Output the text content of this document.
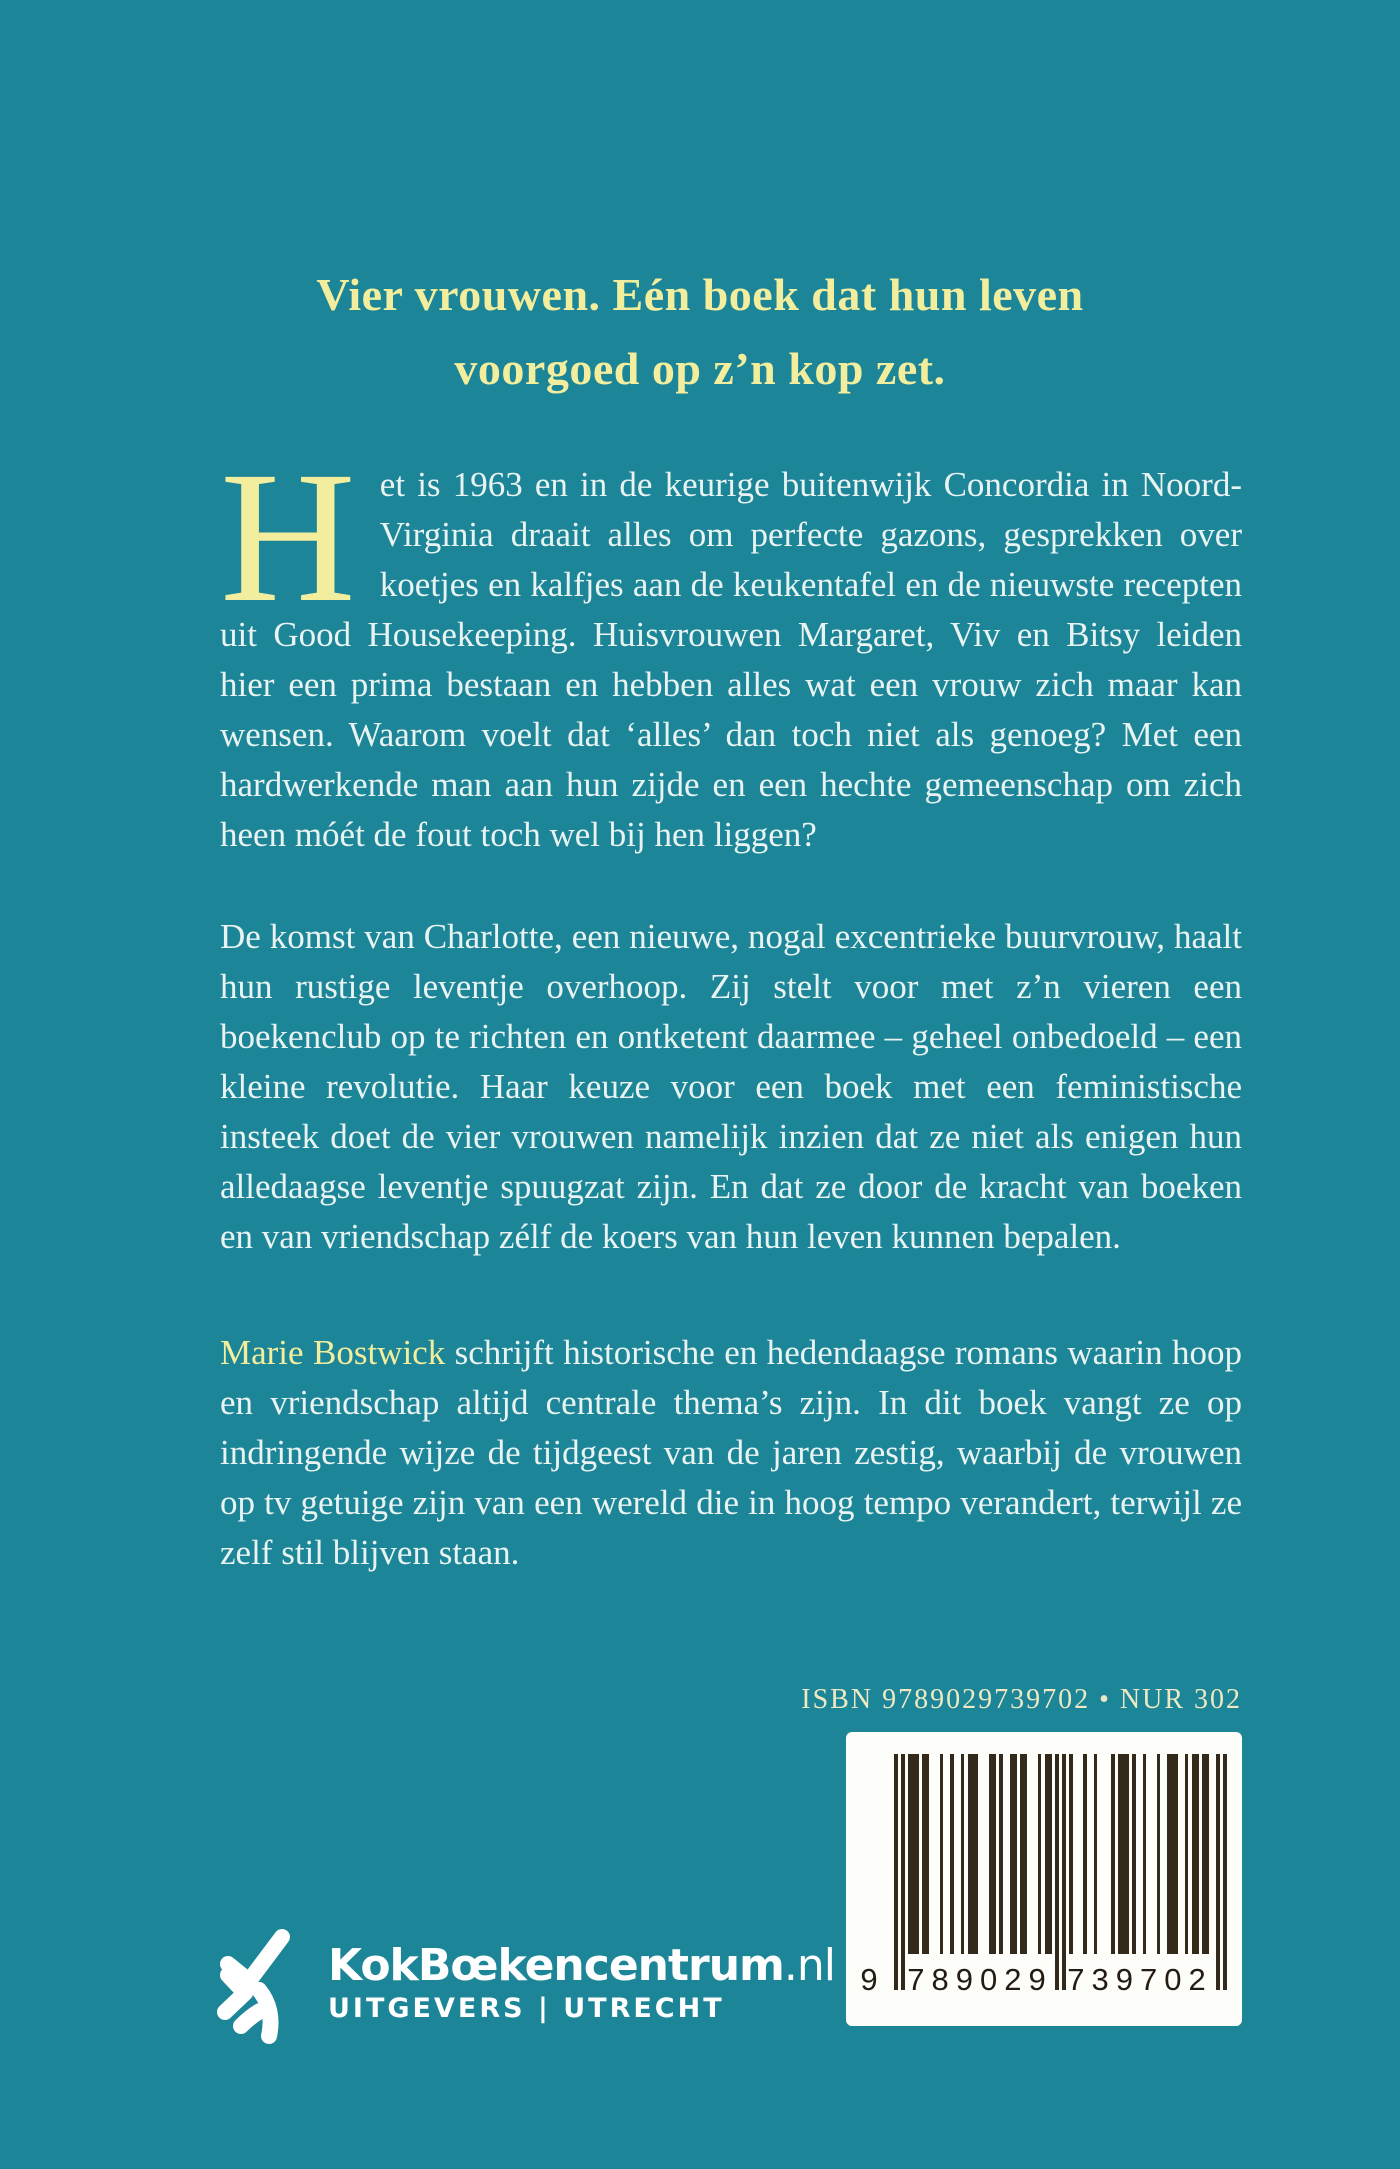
Vier vrouwen. Eén boek dat hun leven
voorgoed op z’n kop zet.

Het is 1963 en in de keurige buitenwijk Concordia in Noord-Virginia draait alles om perfecte gazons, gesprekken over koetjes en kalfjes aan de keukentafel en de nieuwste recepten uit Good Housekeeping. Huisvrouwen Margaret, Viv en Bitsy leiden hier een prima bestaan en hebben alles wat een vrouw zich maar kan wensen. Waarom voelt dat ‘alles’ dan toch niet als genoeg? Met een hardwerkende man aan hun zijde en een hechte gemeenschap om zich heen móét de fout toch wel bij hen liggen?

De komst van Charlotte, een nieuwe, nogal excentrieke buurvrouw, haalt hun rustige leventje overhoop. Zij stelt voor met z’n vieren een boekenclub op te richten en ontketent daarmee – geheel onbedoeld – een kleine revolutie. Haar keuze voor een boek met een feministische insteek doet de vier vrouwen namelijk inzien dat ze niet als enigen hun alledaagse leventje spuugzat zijn. En dat ze door de kracht van boeken en van vriendschap zélf de koers van hun leven kunnen bepalen.

Marie Bostwick schrijft historische en hedendaagse romans waarin hoop en vriendschap altijd centrale thema’s zijn. In dit boek vangt ze op indringende wijze de tijdgeest van de jaren zestig, waarbij de vrouwen op tv getuige zijn van een wereld die in hoog tempo verandert, terwijl ze zelf stil blijven staan.

ISBN 9789029739702 • NUR 302
9 789029 739702
KokBœkencentrum.nl
UITGEVERS | UTRECHT
